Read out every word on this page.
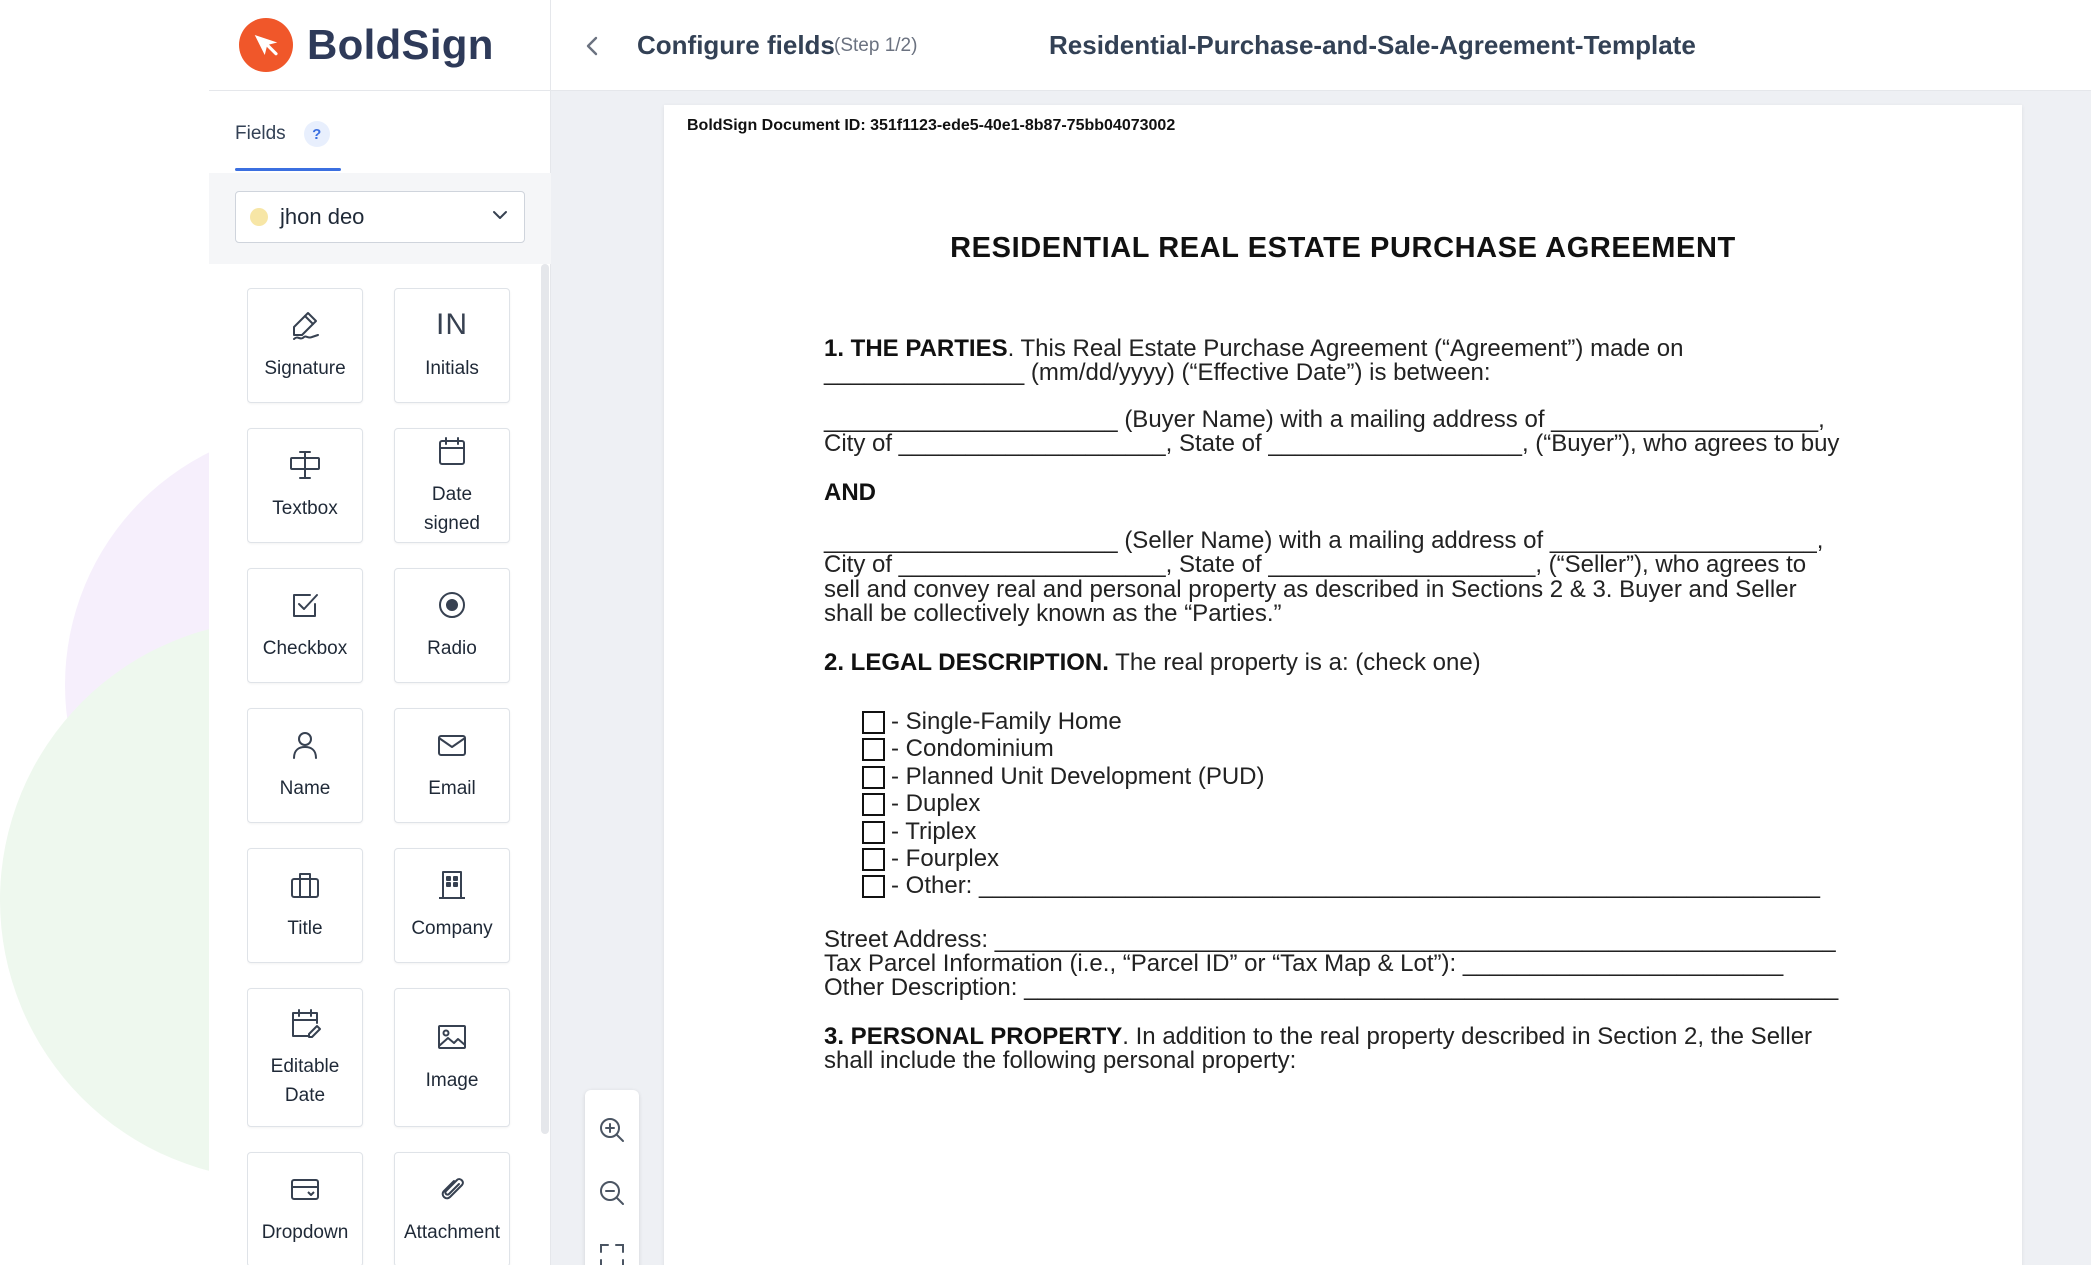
BoldSign
Fields	?
jhon deo
Signature
IN
Initials
Textbox
Date signed
Checkbox	Radio
Name	Email
Title	Company
Editable Date
Image
Dropdown	Attachment
Configure fields (Step 1/2)	Residential-Purchase-and-Sale-Agreement-Template
BoldSign Document ID: 351f1123-ede5-40e1-8b87-75bb04073002
RESIDENTIAL REAL ESTATE PURCHASE AGREEMENT
1. THE PARTIES. This Real Estate Purchase Agreement (“Agreement”) made on
_______________ (mm/dd/yyyy) (“Effective Date”) is between:
______________________ (Buyer Name) with a mailing address of ____________________,
City of ____________________, State of ___________________, (“Buyer”), who agrees to buy
AND
______________________ (Seller Name) with a mailing address of ____________________,
City of ____________________, State of ____________________, (“Seller”), who agrees to
sell and convey real and personal property as described in Sections 2 & 3. Buyer and Seller
shall be collectively known as the “Parties.”
2. LEGAL DESCRIPTION. The real property is a: (check one)
- Single-Family Home
- Condominium
- Planned Unit Development (PUD)
- Duplex
- Triplex
- Fourplex
- Other: _______________________________________________________________
Street Address: _______________________________________________________________
Tax Parcel Information (i.e., “Parcel ID” or “Tax Map & Lot”): ________________________
Other Description: _____________________________________________________________
3. PERSONAL PROPERTY. In addition to the real property described in Section 2, the Seller
shall include the following personal property:
